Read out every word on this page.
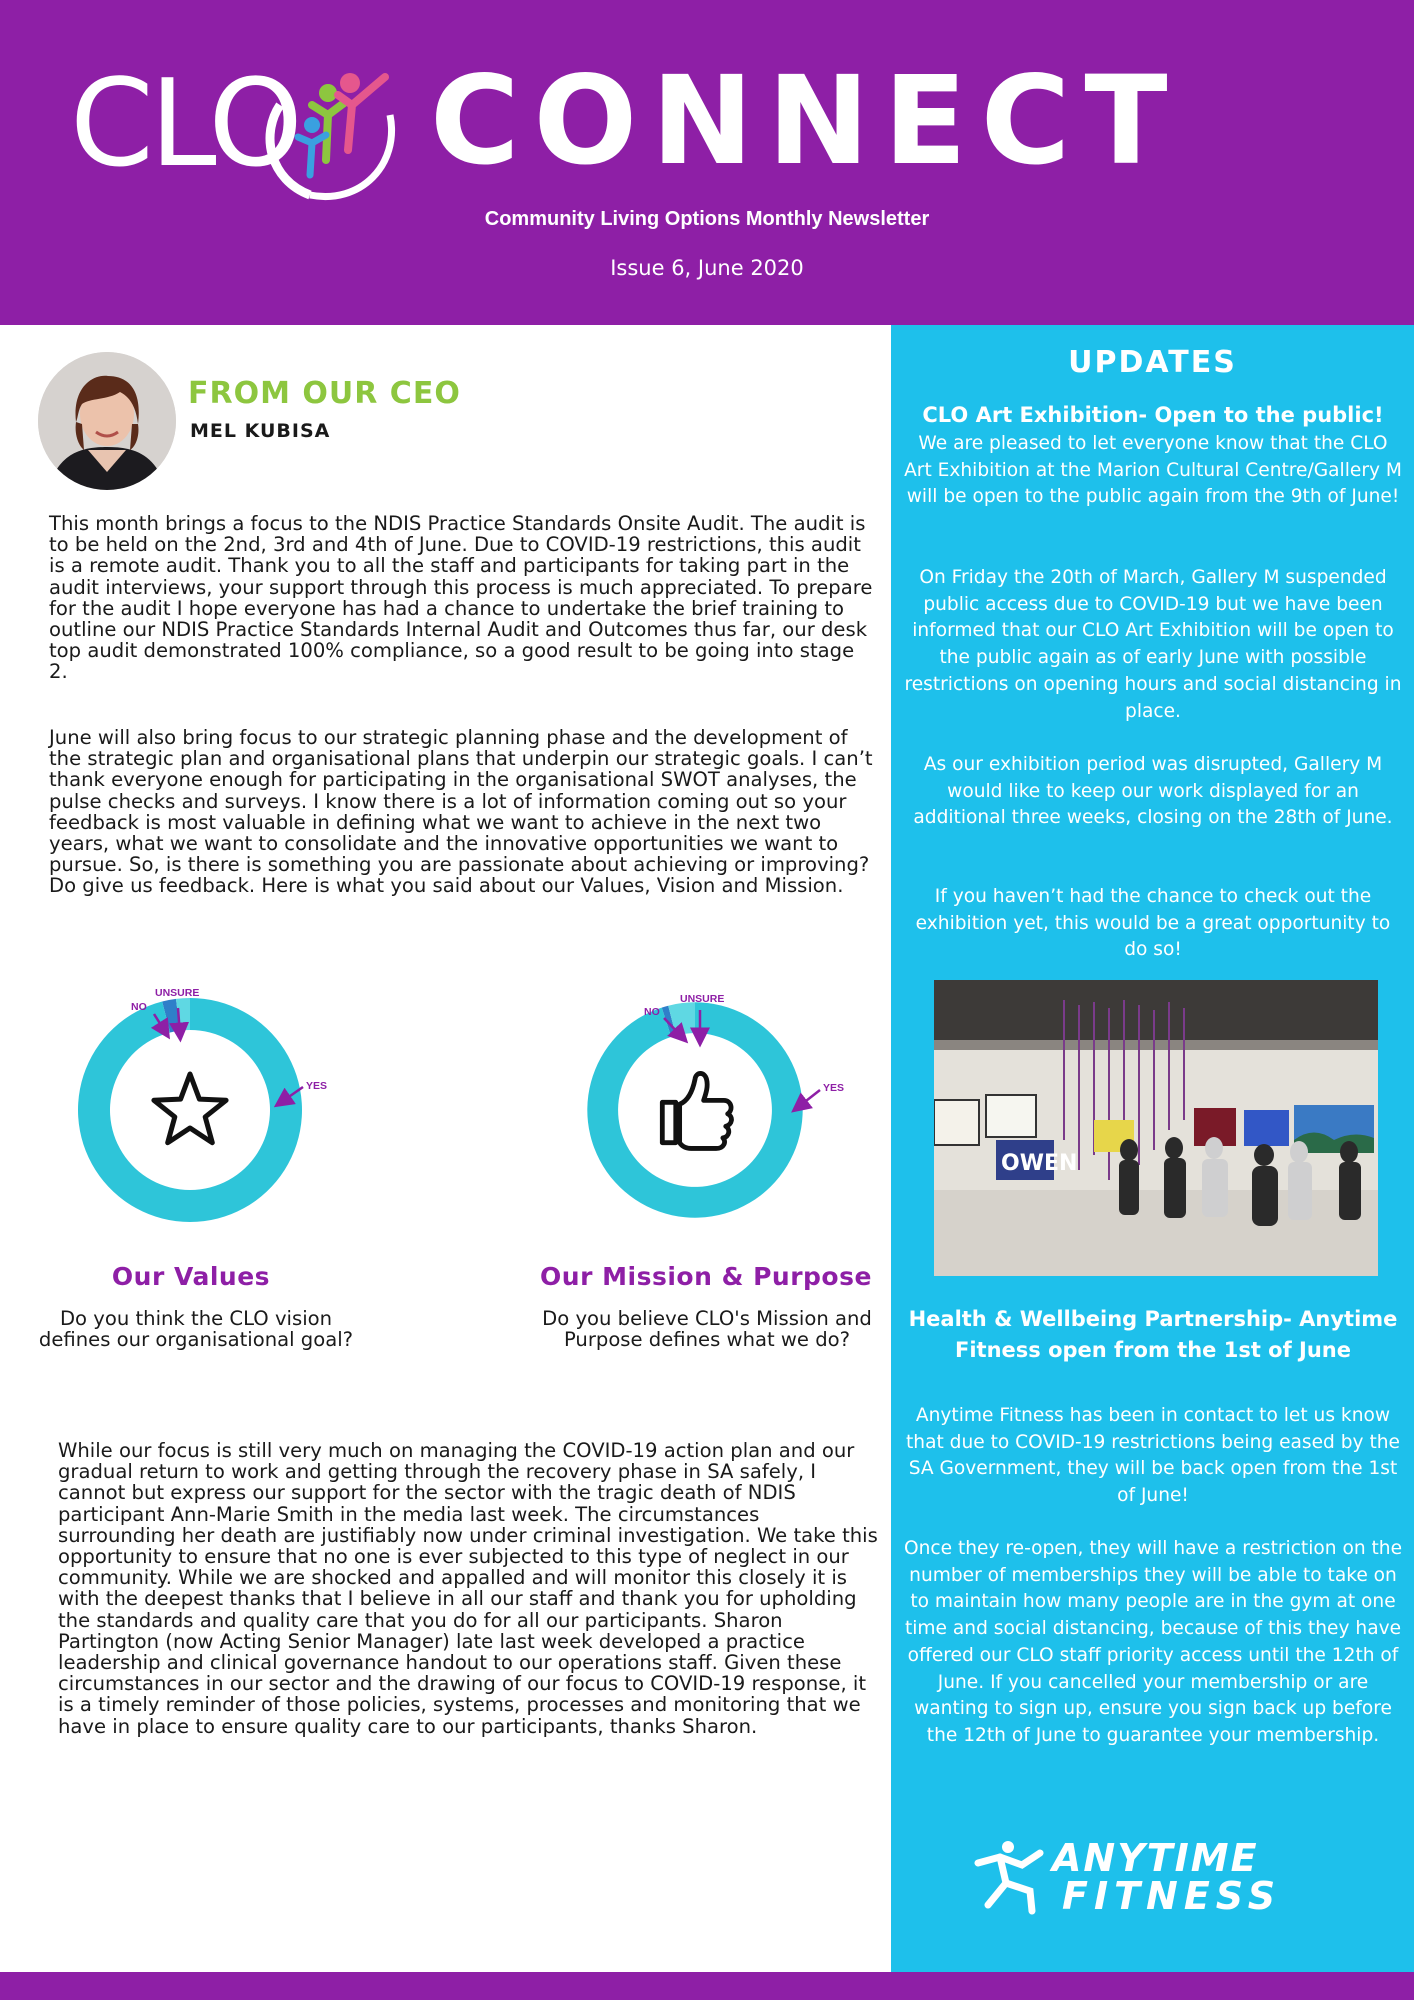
CLO CONNECT
Community Living Options Monthly Newsletter
Issue 6, June 2020
FROM OUR CEO
MEL KUBISA

This month brings a focus to the NDIS Practice Standards Onsite Audit. The audit is to be held on the 2nd, 3rd and 4th of June. Due to COVID-19 restrictions, this audit is a remote audit. Thank you to all the staff and participants for taking part in the audit interviews, your support through this process is much appreciated. To prepare for the audit I hope everyone has had a chance to undertake the brief training to outline our NDIS Practice Standards Internal Audit and Outcomes thus far, our desk top audit demonstrated 100% compliance, so a good result to be going into stage 2.

June will also bring focus to our strategic planning phase and the development of the strategic plan and organisational plans that underpin our strategic goals. I can’t thank everyone enough for participating in the organisational SWOT analyses, the pulse checks and surveys. I know there is a lot of information coming out so your feedback is most valuable in defining what we want to achieve in the next two years, what we want to consolidate and the innovative opportunities we want to pursue. So, is there is something you are passionate about achieving or improving? Do give us feedback. Here is what you said about our Values, Vision and Mission.

UNSURE
NO
YES
UNSURE
NO
YES
Our Values
Do you think the CLO vision defines our organisational goal?
Our Mission & Purpose
Do you believe CLO's Mission and Purpose defines what we do?

While our focus is still very much on managing the COVID-19 action plan and our gradual return to work and getting through the recovery phase in SA safely, I cannot but express our support for the sector with the tragic death of NDIS participant Ann-Marie Smith in the media last week. The circumstances surrounding her death are justifiably now under criminal investigation. We take this opportunity to ensure that no one is ever subjected to this type of neglect in our community. While we are shocked and appalled and will monitor this closely it is with the deepest thanks that I believe in all our staff and thank you for upholding the standards and quality care that you do for all our participants. Sharon Partington (now Acting Senior Manager) late last week developed a practice leadership and clinical governance handout to our operations staff. Given these circumstances in our sector and the drawing of our focus to COVID-19 response, it is a timely reminder of those policies, systems, processes and monitoring that we have in place to ensure quality care to our participants, thanks Sharon.

UPDATES
CLO Art Exhibition- Open to the public!

We are pleased to let everyone know that the CLO Art Exhibition at the Marion Cultural Centre/Gallery M will be open to the public again from the 9th of June!

On Friday the 20th of March, Gallery M suspended public access due to COVID-19 but we have been informed that our CLO Art Exhibition will be open to the public again as of early June with possible restrictions on opening hours and social distancing in place.

As our exhibition period was disrupted, Gallery M would like to keep our work displayed for an additional three weeks, closing on the 28th of June.

If you haven’t had the chance to check out the exhibition yet, this would be a great opportunity to do so!

OWEN
Health & Wellbeing Partnership- Anytime Fitness open from the 1st of June

Anytime Fitness has been in contact to let us know that due to COVID-19 restrictions being eased by the SA Government, they will be back open from the 1st of June!

Once they re-open, they will have a restriction on the number of memberships they will be able to take on to maintain how many people are in the gym at one time and social distancing, because of this they have offered our CLO staff priority access until the 12th of June. If you cancelled your membership or are wanting to sign up, ensure you sign back up before the 12th of June to guarantee your membership.

ANYTIME
FITNESS
